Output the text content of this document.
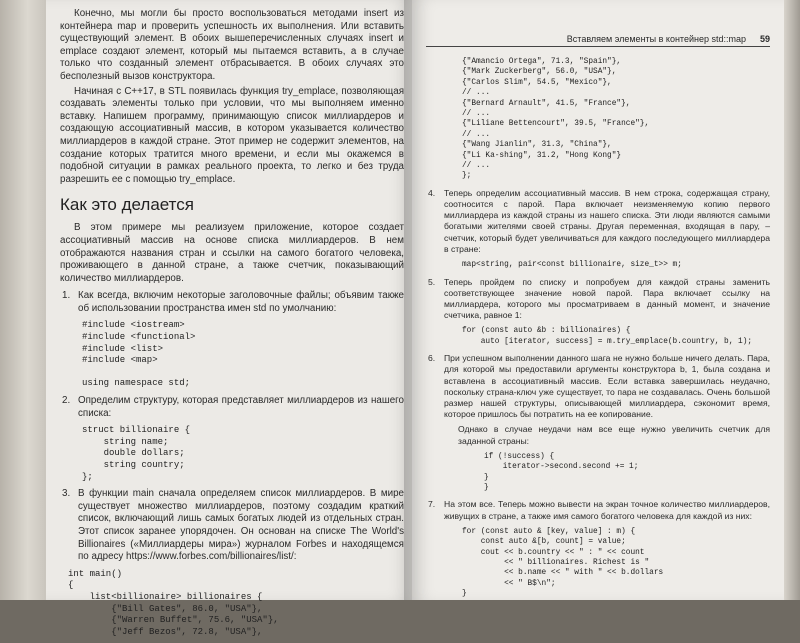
Конечно, мы могли бы просто воспользоваться методами insert из контейнера map и проверить успешность их выполнения. Или вставить существующий элемент. В обоих вышеперечисленных случаях insert и emplace создают элемент, который мы пытаемся вставить, а в случае только что созданный элемент отбрасывается. В обоих случаях это бесполезный вызов конструктора.

Начиная с C++17, в STL появилась функция try_emplace, позволяющая создавать элементы только при условии, что мы выполняем именно вставку. Напишем программу, принимающую список миллиардеров и создающую ассоциативный массив, в котором указывается количество миллиардеров в каждой стране. Этот пример не содержит элементов, на создание которых тратится много времени, и если мы окажемся в подобной ситуации в рамках реального проекта, то легко и без труда разрешить ее с помощью try_emplace.

Как это делается

В этом примере мы реализуем приложение, которое создает ассоциативный массив на основе списка миллиардеров. В нем отображаются названия стран и ссылки на самого богатого человека, проживающего в данной стране, а также счетчик, показывающий количество миллиардеров.

1. Как всегда, включим некоторые заголовочные файлы; объявим также об использовании пространства имен std по умолчанию:
#include <iostream>
#include <functional>
#include <list>
#include <map>

using namespace std;
2. Определим структуру, которая представляет миллиардеров из нашего списка:
struct billionaire {
string name;
double dollars;
string country;
};
3. В функции main сначала определяем список миллиардеров. В мире существует множество миллиардеров, поэтому создадим краткий список, включающий лишь самых богатых людей из отдельных стран. Этот список заранее упорядочен. Он основан на списке The World's Billionaires («Миллиардеры мира») журналом Forbes и находящемся по адресу https://www.forbes.com/billionaires/list/:
int main()
{
list<billionaire> billionaires {
{"Bill Gates", 86.0, "USA"},
{"Warren Buffet", 75.6, "USA"},
{"Jeff Bezos", 72.8, "USA"},
Вставляем элементы в контейнер std::map 59
{"Amancio Ortega", 71.3, "Spain"},
{"Mark Zuckerberg", 56.0, "USA"},
{"Carlos Slim", 54.5, "Mexico"},
// ...
{"Bernard Arnault", 41.5, "France"},
// ...
{"Liliane Bettencourt", 39.5, "France"},
// ...
{"Wang Jianlin", 31.3, "China"},
{"Li Ka-shing", 31.2, "Hong Kong"}
// ...
};
4. Теперь определим ассоциативный массив. В нем строка, содержащая страну, соотносится с парой. Пара включает неизменяемую копию первого миллиардера из каждой страны из нашего списка. Эти люди являются самыми богатыми жителями своей страны. Другая переменная, входящая в пару, – счетчик, который будет увеличиваться для каждого последующего миллиардера в стране:
map<string, pair<const billionaire, size_t>> m;
5. Теперь пройдем по списку и попробуем для каждой страны заменить соответствующее значение новой парой. Пара включает ссылку на миллиардера, которого мы просматриваем в данный момент, и значение счетчика, равное 1:
for (const auto &b : billionaires) {
auto [iterator, success] = m.try_emplace(b.country, b, 1);
6. При успешном выполнении данного шага не нужно больше ничего делать. Пара, для которой мы предоставили аргументы конструктора b, 1, была создана и вставлена в ассоциативный массив. Если вставка завершилась неудачно, поскольку страна-ключ уже существует, то пара не создавалась. Очень большой размер нашей структуры, описывающей миллиардера, сэкономит время, которое пришлось бы потратить на ее копирование.

Однако в случае неудачи нам все еще нужно увеличить счетчик для заданной страны:

if (!success) {
iterator->second.second += 1;
}
}
7. На этом все. Теперь можно вывести на экран точное количество миллиардеров, живущих в стране, а также имя самого богатого человека для каждой из них:
for (const auto & [key, value] : m) {
const auto &[b, count] = value;
cout << b.country << " : " << count
<< " billionaires. Richest is "
<< b.name << " with " << b.dollars
<< " B$\n";
}
